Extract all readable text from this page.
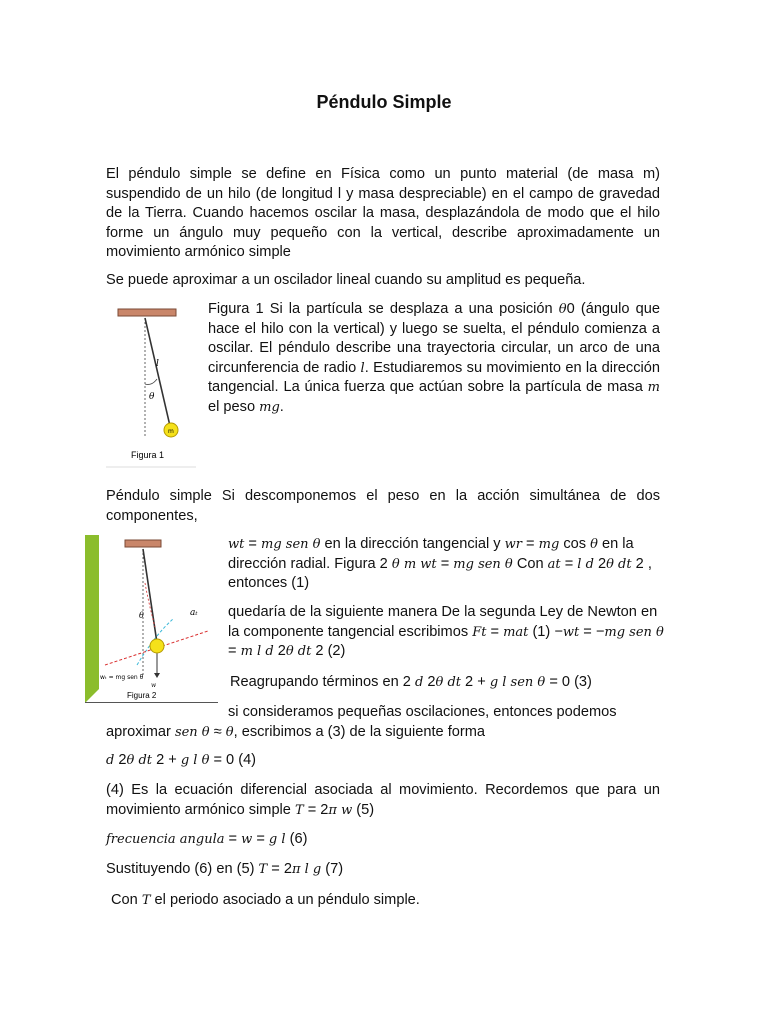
Péndulo Simple
El péndulo simple se define en Física como un punto material (de masa m) suspendido de un hilo (de longitud l y masa despreciable) en el campo de gravedad de la Tierra. Cuando hacemos oscilar la masa, desplazándola de modo que el hilo forme un ángulo muy pequeño con la vertical, describe aproximadamente un movimiento armónico simple
Se puede aproximar a un oscilador lineal cuando su amplitud es pequeña.
l
θ
m
Figura 1
Figura 1 Si la partícula se desplaza a una posición θ0 (ángulo que hace el hilo con la vertical) y luego se suelta, el péndulo comienza a oscilar. El péndulo describe una trayectoria circular, un arco de una circunferencia de radio l. Estudiaremos su movimiento en la dirección tangencial. La única fuerza que actúan sobre la partícula de masa m el peso mg.
Péndulo simple Si descomponemos el peso en la acción simultánea de dos componentes,
θ	aₜ
wₜ = mg sen θ
w
Figura 2
wt = mg sen θ en la dirección tangencial y wr = mg cos θ en la dirección radial. Figura 2 θ m wt = mg sen θ Con at = l d 2θ dt 2 , entonces (1)
quedaría de la siguiente manera De la segunda Ley de Newton en la componente tangencial escribimos Ft = mat (1) −wt = −mg sen θ = m l d 2θ dt 2 (2)
Reagrupando términos en 2 d 2θ dt 2 + g l sen θ = 0 (3)
si consideramos pequeñas oscilaciones, entonces podemos aproximar sen θ ≈ θ, escribimos a (3) de la siguiente forma
d 2θ dt 2 + g l θ = 0 (4)
(4) Es la ecuación diferencial asociada al movimiento. Recordemos que para un movimiento armónico simple T = 2π w (5)
frecuencia angula = w = g l (6)
Sustituyendo (6) en (5) T = 2π l g (7)
Con T el periodo asociado a un péndulo simple.
